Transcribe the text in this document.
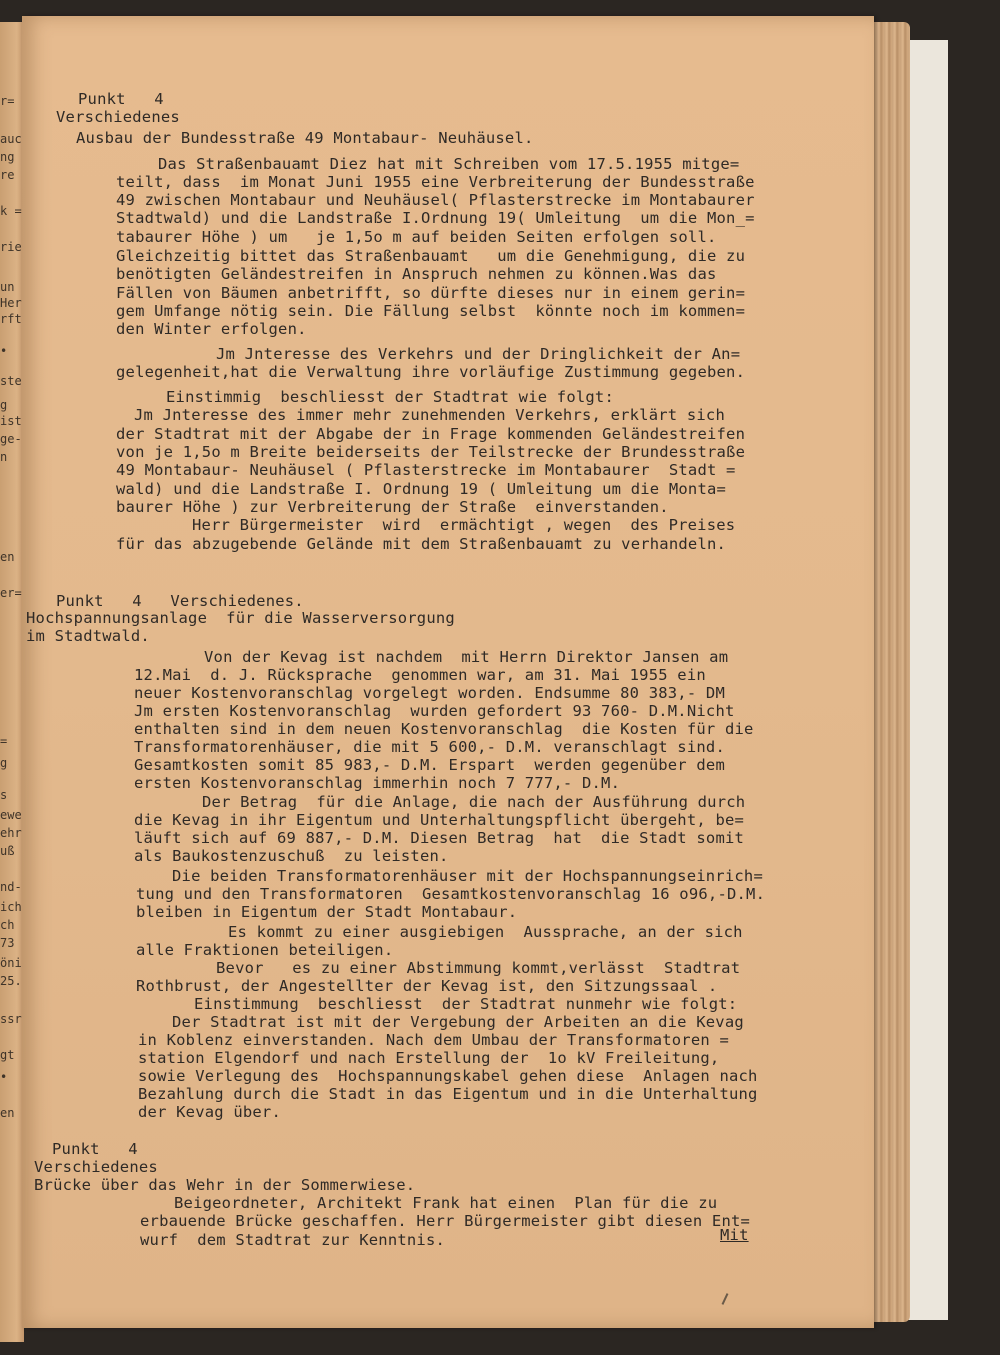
r=
auc
ng
re
k =
rie
un
Her
rft
•
ste
g
ist
ge-
n
en
er=
=
g
s
ewe
ehr
uß
nd-
ich
ch
73
öni
25.
ssr
gt
•
en
Punkt   4
Verschiedenes
Ausbau der Bundesstraße 49 Montabaur- Neuhäusel.
Das Straßenbauamt Diez hat mit Schreiben vom 17.5.1955 mitge=
teilt, dass  im Monat Juni 1955 eine Verbreiterung der Bundesstraße
49 zwischen Montabaur und Neuhäusel( Pflasterstrecke im Montabaurer
Stadtwald) und die Landstraße I.Ordnung 19( Umleitung  um die Mon_=
tabaurer Höhe ) um   je 1,5o m auf beiden Seiten erfolgen soll.
Gleichzeitig bittet das Straßenbauamt   um die Genehmigung, die zu
benötigten Geländestreifen in Anspruch nehmen zu können.Was das
Fällen von Bäumen anbetrifft, so dürfte dieses nur in einem gerin=
gem Umfange nötig sein. Die Fällung selbst  könnte noch im kommen=
den Winter erfolgen.
Jm Jnteresse des Verkehrs und der Dringlichkeit der An=
gelegenheit,hat die Verwaltung ihre vorläufige Zustimmung gegeben.
Einstimmig  beschliesst der Stadtrat wie folgt:
Jm Jnteresse des immer mehr zunehmenden Verkehrs, erklärt sich
der Stadtrat mit der Abgabe der in Frage kommenden Geländestreifen
von je 1,5o m Breite beiderseits der Teilstrecke der Brundesstraße
49 Montabaur- Neuhäusel ( Pflasterstrecke im Montabaurer  Stadt =
wald) und die Landstraße I. Ordnung 19 ( Umleitung um die Monta=
baurer Höhe ) zur Verbreiterung der Straße  einverstanden.
Herr Bürgermeister  wird  ermächtigt , wegen  des Preises
für das abzugebende Gelände mit dem Straßenbauamt zu verhandeln.
Punkt   4   Verschiedenes.
Hochspannungsanlage  für die Wasserversorgung
im Stadtwald.
Von der Kevag ist nachdem  mit Herrn Direktor Jansen am
12.Mai  d. J. Rücksprache  genommen war, am 31. Mai 1955 ein
neuer Kostenvoranschlag vorgelegt worden. Endsumme 80 383,- DM
Jm ersten Kostenvoranschlag  wurden gefordert 93 760- D.M.Nicht
enthalten sind in dem neuen Kostenvoranschlag  die Kosten für die
Transformatorenhäuser, die mit 5 600,- D.M. veranschlagt sind.
Gesamtkosten somit 85 983,- D.M. Erspart  werden gegenüber dem
ersten Kostenvoranschlag immerhin noch 7 777,- D.M.
Der Betrag  für die Anlage, die nach der Ausführung durch
die Kevag in ihr Eigentum und Unterhaltungspflicht übergeht, be=
läuft sich auf 69 887,- D.M. Diesen Betrag  hat  die Stadt somit
als Baukostenzuschuß  zu leisten.
Die beiden Transformatorenhäuser mit der Hochspannungseinrich=
tung und den Transformatoren  Gesamtkostenvoranschlag 16 o96,-D.M.
bleiben in Eigentum der Stadt Montabaur.
Es kommt zu einer ausgiebigen  Aussprache, an der sich
alle Fraktionen beteiligen.
Bevor   es zu einer Abstimmung kommt,verlässt  Stadtrat
Rothbrust, der Angestellter der Kevag ist, den Sitzungssaal .
Einstimmung  beschliesst  der Stadtrat nunmehr wie folgt:
Der Stadtrat ist mit der Vergebung der Arbeiten an die Kevag
in Koblenz einverstanden. Nach dem Umbau der Transformatoren =
station Elgendorf und nach Erstellung der  1o kV Freileitung,
sowie Verlegung des  Hochspannungskabel gehen diese  Anlagen nach
Bezahlung durch die Stadt in das Eigentum und in die Unterhaltung
der Kevag über.
Punkt   4
Verschiedenes
Brücke über das Wehr in der Sommerwiese.
Beigeordneter, Architekt Frank hat einen  Plan für die zu
erbauende Brücke geschaffen. Herr Bürgermeister gibt diesen Ent=
wurf  dem Stadtrat zur Kenntnis.	Mit
